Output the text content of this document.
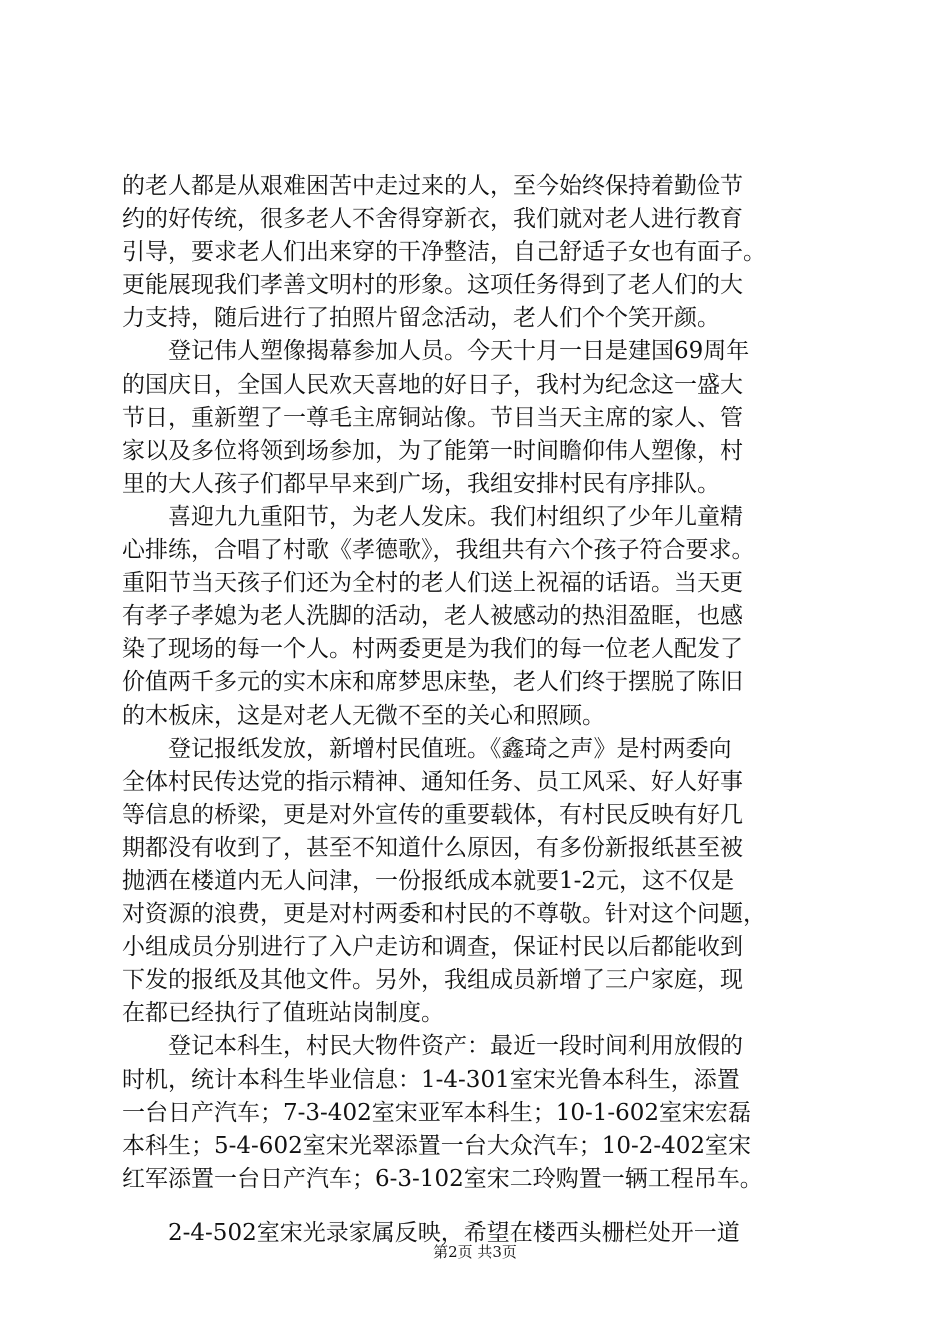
的老人都是从艰难困苦中走过来的人，至今始终保持着勤俭节
约的好传统，很多老人不舍得穿新衣，我们就对老人进行教育
引导，要求老人们出来穿的干净整洁，自己舒适子女也有面子。
更能展现我们孝善文明村的形象。这项任务得到了老人们的大
力支持，随后进行了拍照片留念活动，老人们个个笑开颜。
　　登记伟人塑像揭幕参加人员。今天十月一日是建国69周年
的国庆日，全国人民欢天喜地的好日子，我村为纪念这一盛大
节日，重新塑了一尊毛主席铜站像。节目当天主席的家人、管
家以及多位将领到场参加，为了能第一时间瞻仰伟人塑像，村
里的大人孩子们都早早来到广场，我组安排村民有序排队。
　　喜迎九九重阳节，为老人发床。我们村组织了少年儿童精
心排练，合唱了村歌《孝德歌》，我组共有六个孩子符合要求。
重阳节当天孩子们还为全村的老人们送上祝福的话语。当天更
有孝子孝媳为老人洗脚的活动，老人被感动的热泪盈眶，也感
染了现场的每一个人。村两委更是为我们的每一位老人配发了
价值两千多元的实木床和席梦思床垫，老人们终于摆脱了陈旧
的木板床，这是对老人无微不至的关心和照顾。
　　登记报纸发放，新增村民值班。《鑫琦之声》是村两委向
全体村民传达党的指示精神、通知任务、员工风采、好人好事
等信息的桥梁，更是对外宣传的重要载体，有村民反映有好几
期都没有收到了，甚至不知道什么原因，有多份新报纸甚至被
抛洒在楼道内无人问津，一份报纸成本就要1-2元，这不仅是
对资源的浪费，更是对村两委和村民的不尊敬。针对这个问题，
小组成员分别进行了入户走访和调查，保证村民以后都能收到
下发的报纸及其他文件。另外，我组成员新增了三户家庭，现
在都已经执行了值班站岗制度。
　　登记本科生，村民大物件资产：最近一段时间利用放假的
时机，统计本科生毕业信息：1-4-301室宋光鲁本科生，添置
一台日产汽车；7-3-402室宋亚军本科生；10-1-602室宋宏磊
本科生；5-4-602室宋光翠添置一台大众汽车；10-2-402室宋
红军添置一台日产汽车；6-3-102室宋二玲购置一辆工程吊车。
　　2-4-502室宋光录家属反映，希望在楼西头栅栏处开一道
第2页 共3页
